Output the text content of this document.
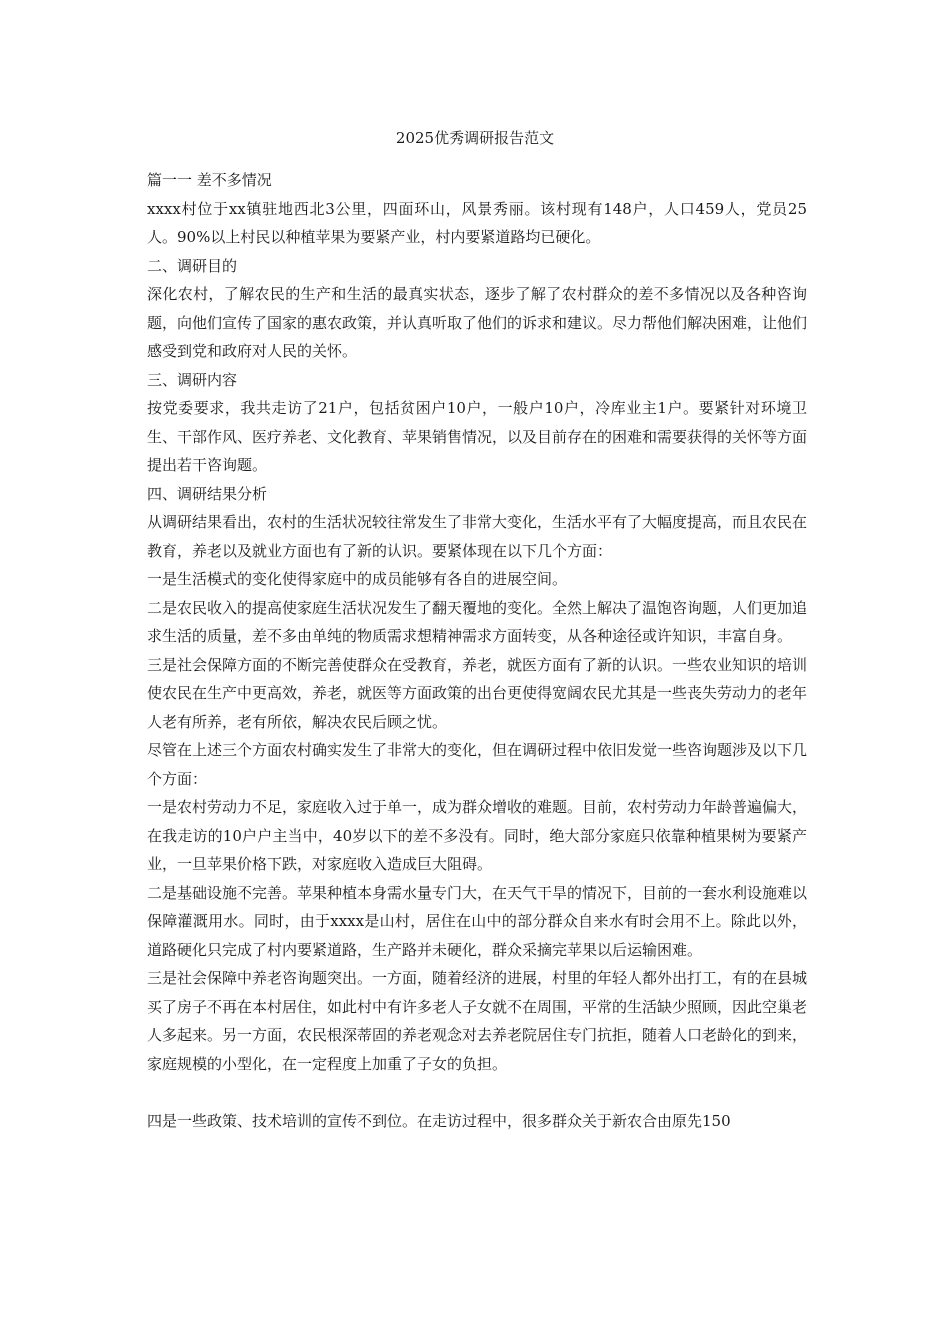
2025优秀调研报告范文

篇一一 差不多情况

xxxx村位于xx镇驻地西北3公里，四面环山，风景秀丽。该村现有148户，人口459人，党员25人。90%以上村民以种植苹果为要紧产业，村内要紧道路均已硬化。

二、调研目的

深化农村，了解农民的生产和生活的最真实状态，逐步了解了农村群众的差不多情况以及各种咨询题，向他们宣传了国家的惠农政策，并认真听取了他们的诉求和建议。尽力帮他们解决困难，让他们感受到党和政府对人民的关怀。

三、调研内容

按党委要求，我共走访了21户，包括贫困户10户，一般户10户，冷库业主1户。要紧针对环境卫生、干部作风、医疗养老、文化教育、苹果销售情况，以及目前存在的困难和需要获得的关怀等方面提出若干咨询题。

四、调研结果分析

从调研结果看出，农村的生活状况较往常发生了非常大变化，生活水平有了大幅度提高，而且农民在教育，养老以及就业方面也有了新的认识。要紧体现在以下几个方面：

一是生活模式的变化使得家庭中的成员能够有各自的进展空间。

二是农民收入的提高使家庭生活状况发生了翻天覆地的变化。全然上解决了温饱咨询题，人们更加追求生活的质量，差不多由单纯的物质需求想精神需求方面转变，从各种途径或许知识，丰富自身。

三是社会保障方面的不断完善使群众在受教育，养老，就医方面有了新的认识。一些农业知识的培训使农民在生产中更高效，养老，就医等方面政策的出台更使得宽阔农民尤其是一些丧失劳动力的老年人老有所养，老有所依，解决农民后顾之忧。

尽管在上述三个方面农村确实发生了非常大的变化，但在调研过程中依旧发觉一些咨询题涉及以下几个方面：

一是农村劳动力不足，家庭收入过于单一，成为群众增收的难题。目前，农村劳动力年龄普遍偏大，在我走访的10户户主当中，40岁以下的差不多没有。同时，绝大部分家庭只依靠种植果树为要紧产业，一旦苹果价格下跌，对家庭收入造成巨大阻碍。

二是基础设施不完善。苹果种植本身需水量专门大，在天气干旱的情况下，目前的一套水利设施难以保障灌溉用水。同时，由于xxxx是山村，居住在山中的部分群众自来水有时会用不上。除此以外，道路硬化只完成了村内要紧道路，生产路并未硬化，群众采摘完苹果以后运输困难。

三是社会保障中养老咨询题突出。一方面，随着经济的进展，村里的年轻人都外出打工，有的在县城买了房子不再在本村居住，如此村中有许多老人子女就不在周围，平常的生活缺少照顾，因此空巢老人多起来。另一方面，农民根深蒂固的养老观念对去养老院居住专门抗拒，随着人口老龄化的到来，家庭规模的小型化，在一定程度上加重了子女的负担。

四是一些政策、技术培训的宣传不到位。在走访过程中，很多群众关于新农合由原先150
